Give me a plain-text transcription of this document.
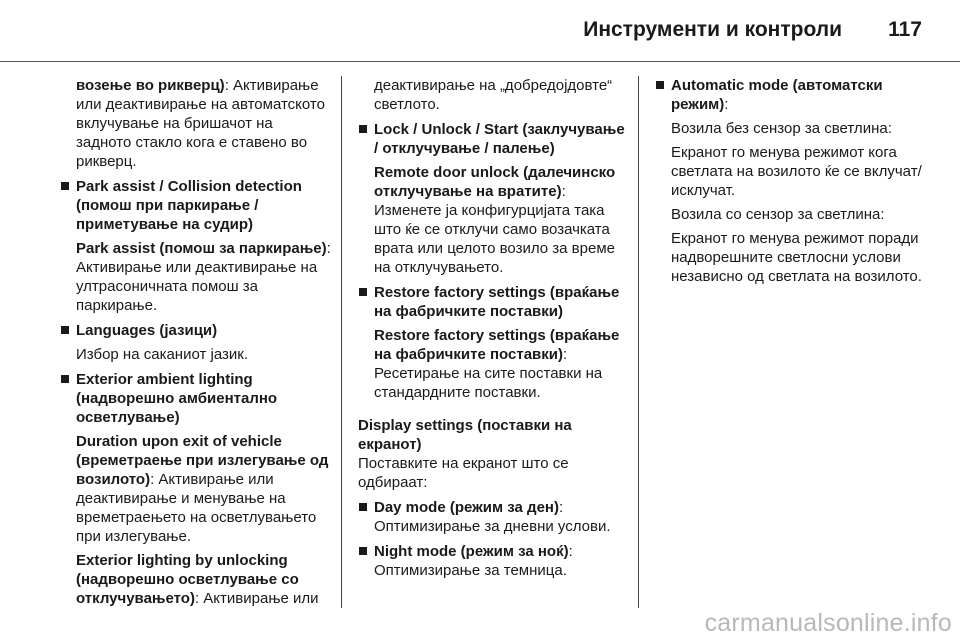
Инструменти и контроли 117

возење во рикверц): Активирање или деактивирање на автоматското вклучување на бришачот на задното стакло кога е ставено во рикверц.

Park assist / Collision detection (помош при паркирање / приметување на судир)

Park assist (помош за паркирање): Активирање или деактивирање на ултрасоничната помош за паркирање.

Languages (јазици)

Избор на саканиот јазик.

Exterior ambient lighting (надворешно амбиентално осветлување)

Duration upon exit of vehicle (времетраење при излегување од возилото): Активирање или деактивирање и менување на времетраењето на осветлувањето при излегување.

Exterior lighting by unlocking (надворешно осветлување со отклучувањето): Активирање или

деактивирање на „добредојдовте“ светлото.

Lock / Unlock / Start (заклучување / отклучување / палење)

Remote door unlock (далечинско отклучување на вратите): Изменете ја конфигурцијата така што ќе се отклучи само возачката врата или целото возило за време на отклучувањето.

Restore factory settings (враќање на фабричките поставки)

Restore factory settings (враќање на фабричките поставки): Ресетирање на сите поставки на стандардните поставки.

Display settings (поставки на екранот)

Поставките на екранот што се одбираат:

Day mode (режим за ден): Оптимизирање за дневни услови.

Night mode (режим за ноќ): Оптимизирање за темница.

Automatic mode (автоматски режим):

Возила без сензор за светлина:

Екранот го менува режимот кога светлата на возилото ќе се вклучат/исклучат.

Возила со сензор за светлина:

Екранот го менува режимот поради надворешните светлосни услови независно од светлата на возилото.

carmanualsonline.info
